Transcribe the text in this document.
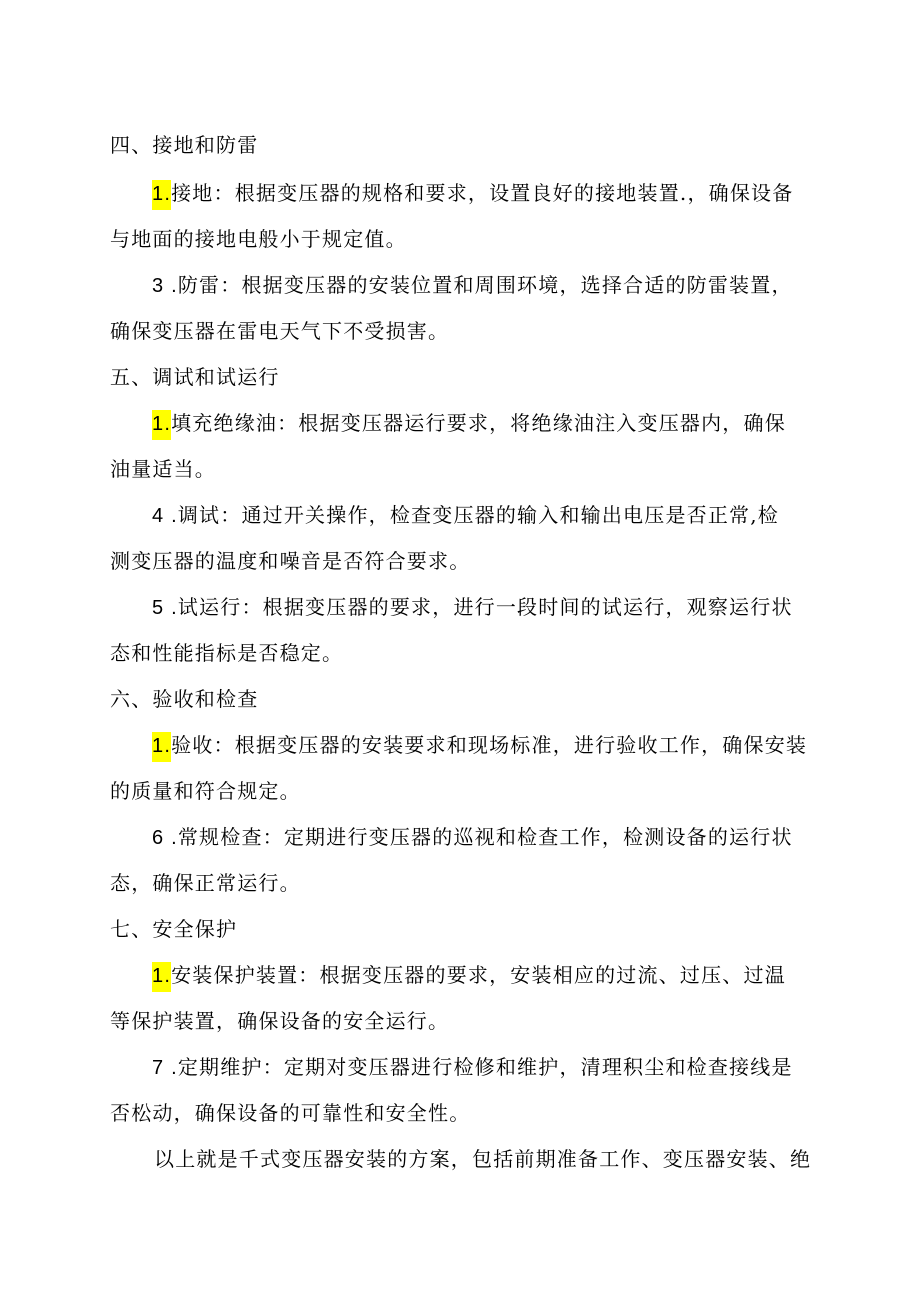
四、接地和防雷
1.接地：根据变压器的规格和要求，设置良好的接地装置.，确保设备
与地面的接地电般小于规定值。
3 .防雷：根据变压器的安装位置和周围环境，选择合适的防雷装置，
确保变压器在雷电天气下不受损害。
五、调试和试运行
1.填充绝缘油：根据变压器运行要求，将绝缘油注入变压器内，确保
油量适当。
4 .调试：通过开关操作，检查变压器的输入和输出电压是否正常,检
测变压器的温度和噪音是否符合要求。
5 .试运行：根据变压器的要求，进行一段时间的试运行，观察运行状
态和性能指标是否稳定。
六、验收和检查
1.验收：根据变压器的安装要求和现场标准，进行验收工作，确保安装
的质量和符合规定。
6 .常规检查：定期进行变压器的巡视和检查工作，检测设备的运行状
态，确保正常运行。
七、安全保护
1.安装保护装置：根据变压器的要求，安装相应的过流、过压、过温
等保护装置，确保设备的安全运行。
7 .定期维护：定期对变压器进行检修和维护，清理积尘和检查接线是
否松动，确保设备的可靠性和安全性。
以上就是千式变压器安装的方案，包括前期准备工作、变压器安装、绝
